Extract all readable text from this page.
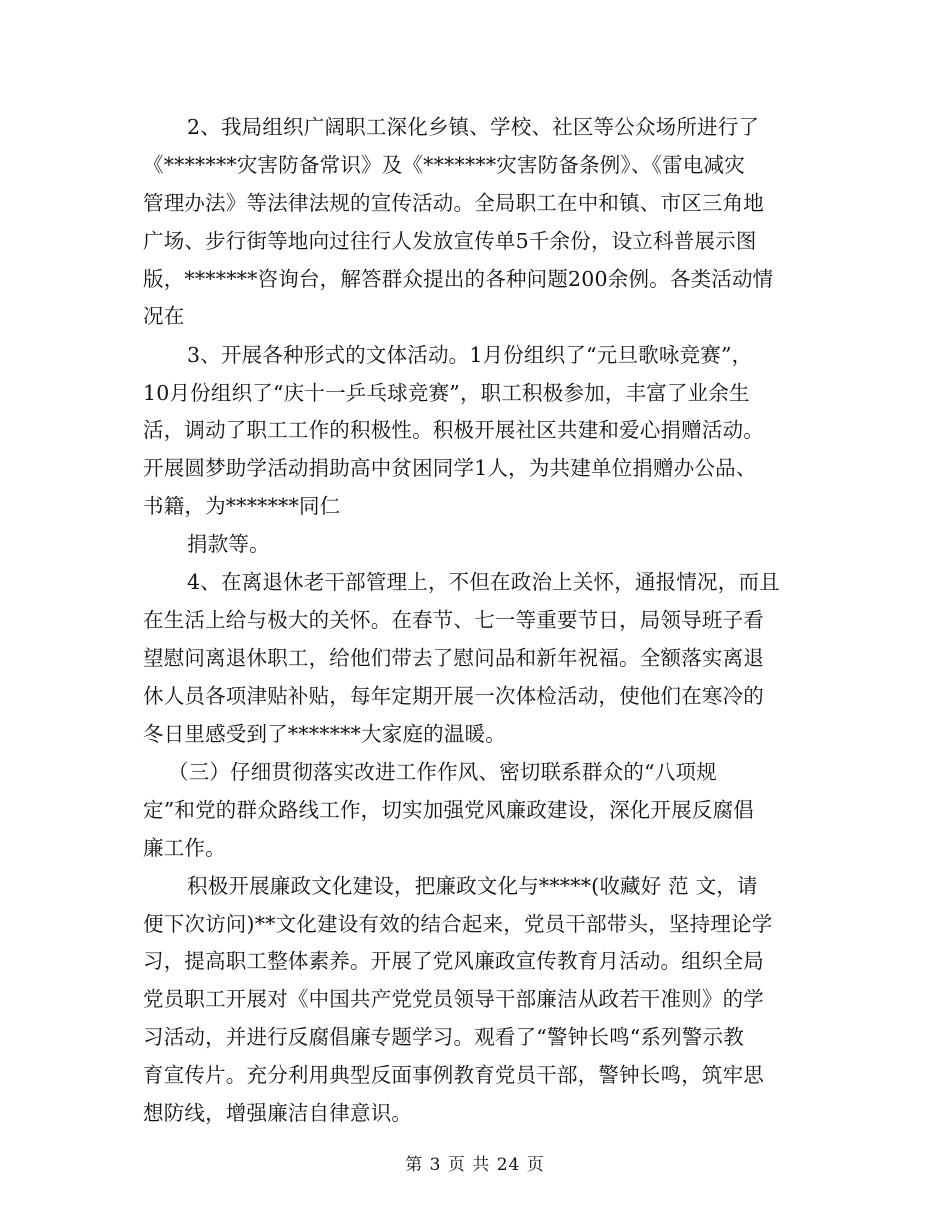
2、我局组织广阔职工深化乡镇、学校、社区等公众场所进行了
《*******灾害防备常识》及《*******灾害防备条例》、《雷电减灾
管理办法》等法律法规的宣传活动。全局职工在中和镇、市区三角地
广场、步行街等地向过往行人发放宣传单5千余份，设立科普展示图
版，*******咨询台，解答群众提出的各种问题200余例。各类活动情
况在
3、开展各种形式的文体活动。1月份组织了“元旦歌咏竞赛”，
10月份组织了“庆十一乒乓球竞赛”，职工积极参加，丰富了业余生
活，调动了职工工作的积极性。积极开展社区共建和爱心捐赠活动。
开展圆梦助学活动捐助高中贫困同学1人，为共建单位捐赠办公品、
书籍，为*******同仁
捐款等。
4、在离退休老干部管理上，不但在政治上关怀，通报情况，而且
在生活上给与极大的关怀。在春节、七一等重要节日，局领导班子看
望慰问离退休职工，给他们带去了慰问品和新年祝福。全额落实离退
休人员各项津贴补贴，每年定期开展一次体检活动，使他们在寒冷的
冬日里感受到了*******大家庭的温暖。
（三）仔细贯彻落实改进工作作风、密切联系群众的“八项规
定”和党的群众路线工作，切实加强党风廉政建设，深化开展反腐倡
廉工作。
积极开展廉政文化建设，把廉政文化与*****(收藏好 范 文，请
便下次访问)**文化建设有效的结合起来，党员干部带头，坚持理论学
习，提高职工整体素养。开展了党风廉政宣传教育月活动。组织全局
党员职工开展对《中国共产党党员领导干部廉洁从政若干准则》的学
习活动，并进行反腐倡廉专题学习。观看了“警钟长鸣“系列警示教
育宣传片。充分利用典型反面事例教育党员干部，警钟长鸣，筑牢思
想防线，增强廉洁自律意识。
第 3 页 共 24 页
